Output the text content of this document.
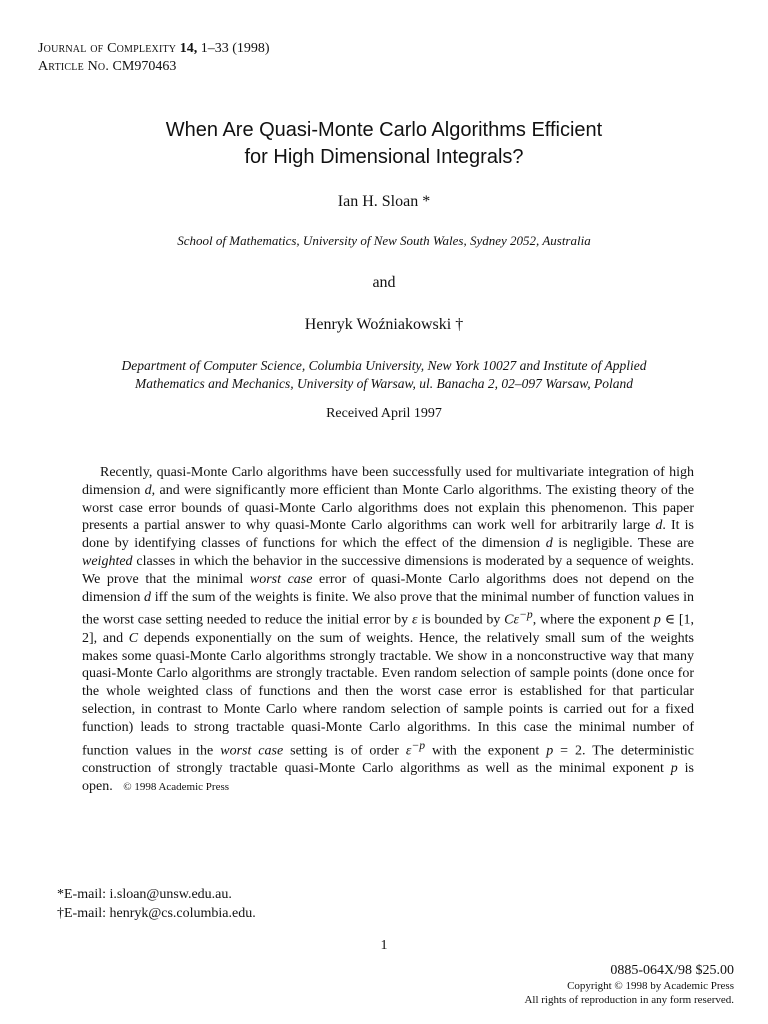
Journal of Complexity 14, 1–33 (1998)
Article No. CM970463
When Are Quasi-Monte Carlo Algorithms Efficient
for High Dimensional Integrals?
Ian H. Sloan *
School of Mathematics, University of New South Wales, Sydney 2052, Australia
and
Henryk Woźniakowski †
Department of Computer Science, Columbia University, New York 10027 and Institute of Applied
Mathematics and Mechanics, University of Warsaw, ul. Banacha 2, 02–097 Warsaw, Poland
Received April 1997
Recently, quasi-Monte Carlo algorithms have been successfully used for multivariate integration of high dimension d, and were significantly more efficient than Monte Carlo algorithms. The existing theory of the worst case error bounds of quasi-Monte Carlo algorithms does not explain this phenomenon. This paper presents a partial answer to why quasi-Monte Carlo algorithms can work well for arbitrarily large d. It is done by identifying classes of functions for which the effect of the dimension d is negligible. These are weighted classes in which the behavior in the successive dimensions is moderated by a sequence of weights. We prove that the minimal worst case error of quasi-Monte Carlo algorithms does not depend on the dimension d iff the sum of the weights is finite. We also prove that the minimal number of function values in the worst case setting needed to reduce the initial error by ε is bounded by $C\varepsilon^{-p}$, where the exponent p ∈ [1, 2], and C depends exponentially on the sum of weights. Hence, the relatively small sum of the weights makes some quasi-Monte Carlo algorithms strongly tractable. We show in a nonconstructive way that many quasi-Monte Carlo algorithms are strongly tractable. Even random selection of sample points (done once for the whole weighted class of functions and then the worst case error is established for that particular selection, in contrast to Monte Carlo where random selection of sample points is carried out for a fixed function) leads to strong tractable quasi-Monte Carlo algorithms. In this case the minimal number of function values in the worst case setting is of order $\varepsilon^{-p}$ with the exponent p = 2. The deterministic construction of strongly tractable quasi-Monte Carlo algorithms as well as the minimal exponent p is open. © 1998 Academic Press
*E-mail: i.sloan@unsw.edu.au.
†E-mail: henryk@cs.columbia.edu.
1
0885-064X/98 $25.00
Copyright © 1998 by Academic Press
All rights of reproduction in any form reserved.
